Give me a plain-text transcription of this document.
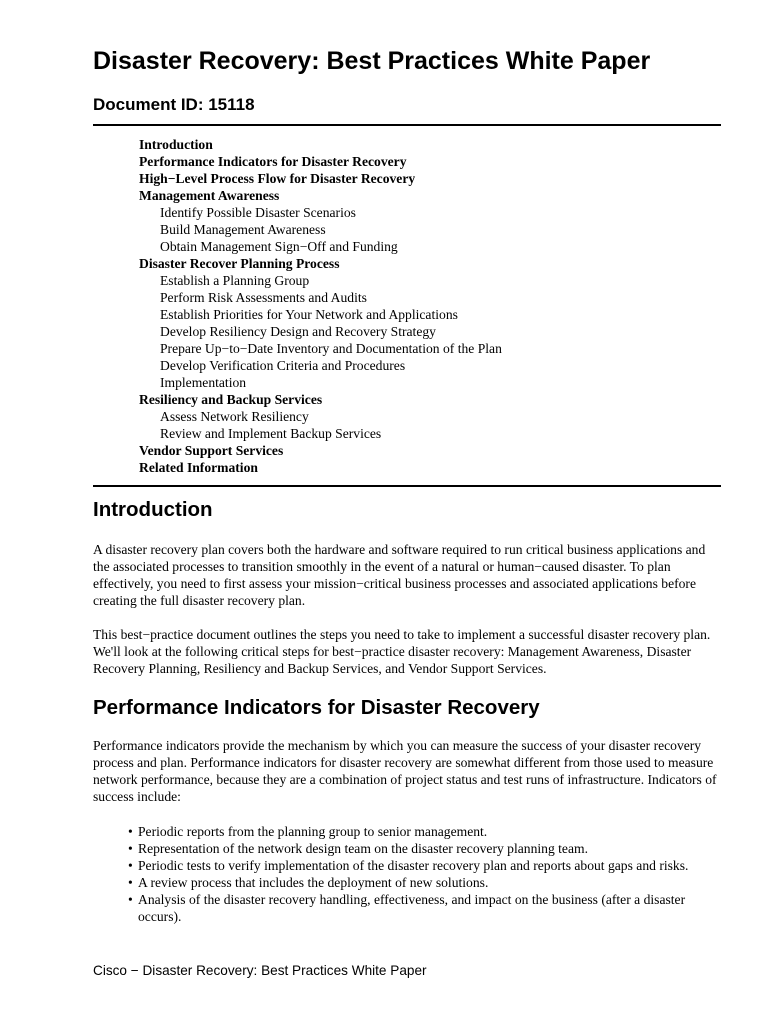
Disaster Recovery: Best Practices White Paper
Document ID: 15118
Introduction
Performance Indicators for Disaster Recovery
High−Level Process Flow for Disaster Recovery
Management Awareness
Identify Possible Disaster Scenarios
Build Management Awareness
Obtain Management Sign−Off and Funding
Disaster Recover Planning Process
Establish a Planning Group
Perform Risk Assessments and Audits
Establish Priorities for Your Network and Applications
Develop Resiliency Design and Recovery Strategy
Prepare Up−to−Date Inventory and Documentation of the Plan
Develop Verification Criteria and Procedures
Implementation
Resiliency and Backup Services
Assess Network Resiliency
Review and Implement Backup Services
Vendor Support Services
Related Information
Introduction

A disaster recovery plan covers both the hardware and software required to run critical business applications and the associated processes to transition smoothly in the event of a natural or human−caused disaster. To plan effectively, you need to first assess your mission−critical business processes and associated applications before creating the full disaster recovery plan.

This best−practice document outlines the steps you need to take to implement a successful disaster recovery plan. We'll look at the following critical steps for best−practice disaster recovery: Management Awareness, Disaster Recovery Planning, Resiliency and Backup Services, and Vendor Support Services.

Performance Indicators for Disaster Recovery

Performance indicators provide the mechanism by which you can measure the success of your disaster recovery process and plan. Performance indicators for disaster recovery are somewhat different from those used to measure network performance, because they are a combination of project status and test runs of infrastructure. Indicators of success include:

• Periodic reports from the planning group to senior management.
• Representation of the network design team on the disaster recovery planning team.
• Periodic tests to verify implementation of the disaster recovery plan and reports about gaps and risks.
• A review process that includes the deployment of new solutions.
• Analysis of the disaster recovery handling, effectiveness, and impact on the business (after a disaster occurs).
Cisco − Disaster Recovery: Best Practices White Paper
